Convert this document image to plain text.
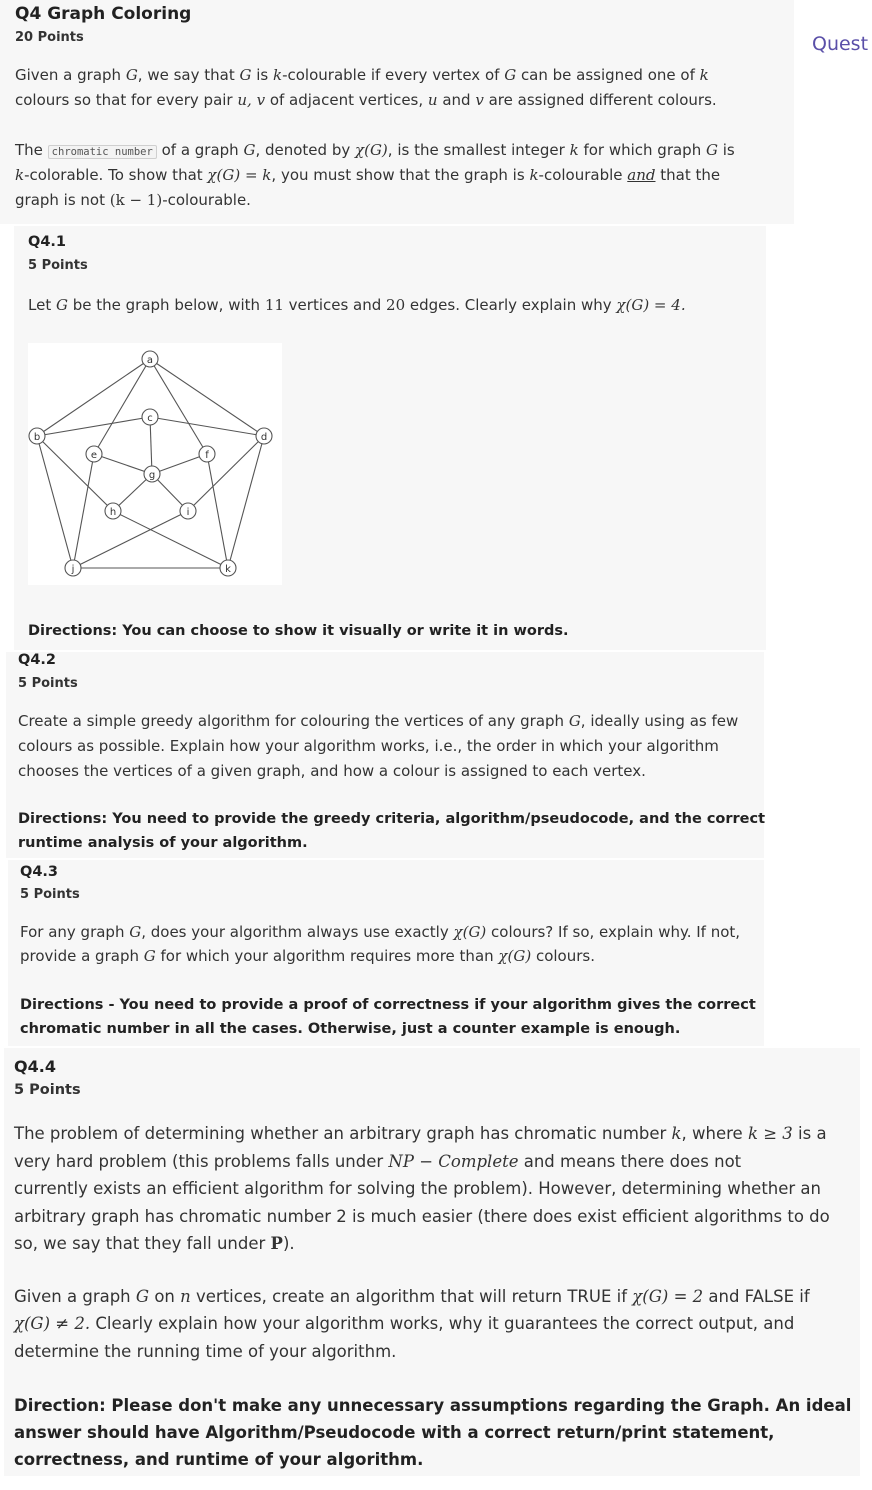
Q4 Graph Coloring
20 Points	Quest
Given a graph G, we say that G is k-colourable if every vertex of G can be assigned one of k
colours so that for every pair u, v of adjacent vertices, u and v are assigned different colours.
The chromatic number of a graph G, denoted by χ(G), is the smallest integer k for which graph G is
k-colorable. To show that χ(G) = k, you must show that the graph is k-colourable and that the
graph is not (k − 1)-colourable.
Q4.1
5 Points
Let G be the graph below, with 11 vertices and 20 edges. Clearly explain why χ(G) = 4.
a
b
c
d
e	f
g
h	i
j	k
Directions: You can choose to show it visually or write it in words.
Q4.2
5 Points
Create a simple greedy algorithm for colouring the vertices of any graph G, ideally using as few
colours as possible. Explain how your algorithm works, i.e., the order in which your algorithm
chooses the vertices of a given graph, and how a colour is assigned to each vertex.
Directions: You need to provide the greedy criteria, algorithm/pseudocode, and the correct
runtime analysis of your algorithm.
Q4.3
5 Points
For any graph G, does your algorithm always use exactly χ(G) colours? If so, explain why. If not,
provide a graph G for which your algorithm requires more than χ(G) colours.
Directions - You need to provide a proof of correctness if your algorithm gives the correct
chromatic number in all the cases. Otherwise, just a counter example is enough.
Q4.4
5 Points
The problem of determining whether an arbitrary graph has chromatic number k, where k ≥ 3 is a
very hard problem (this problems falls under NP − Complete and means there does not
currently exists an efficient algorithm for solving the problem). However, determining whether an
arbitrary graph has chromatic number 2 is much easier (there does exist efficient algorithms to do
so, we say that they fall under P).
Given a graph G on n vertices, create an algorithm that will return TRUE if χ(G) = 2 and FALSE if
χ(G) ≠ 2. Clearly explain how your algorithm works, why it guarantees the correct output, and
determine the running time of your algorithm.
Direction: Please don't make any unnecessary assumptions regarding the Graph. An ideal
answer should have Algorithm/Pseudocode with a correct return/print statement,
correctness, and runtime of your algorithm.
